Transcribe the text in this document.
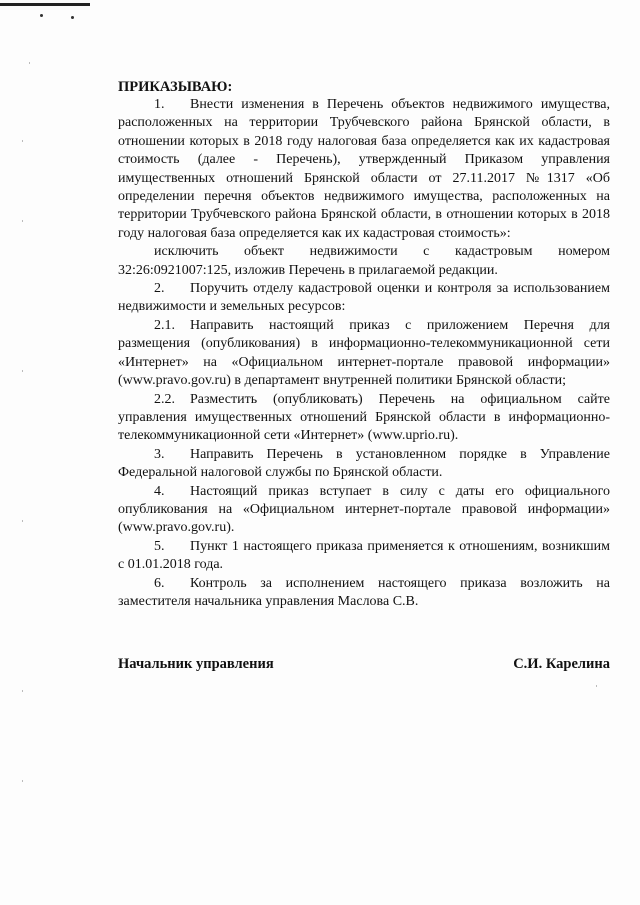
ПРИКАЗЫВАЮ:

1. Внести изменения в Перечень объектов недвижимого имущества, расположенных на территории Трубчевского района Брянской области, в отношении которых в 2018 году налоговая база определяется как их кадастровая стоимость (далее - Перечень), утвержденный Приказом управления имущественных отношений Брянской области от 27.11.2017 №1317 «Об определении перечня объектов недвижимого имущества, расположенных на территории Трубчевского района Брянской области, в отношении которых в 2018 году налоговая база определяется как их кадастровая стоимость»:

исключить объект недвижимости с кадастровым номером 32:26:0921007:125, изложив Перечень в прилагаемой редакции.

2. Поручить отделу кадастровой оценки и контроля за использованием недвижимости и земельных ресурсов:

2.1. Направить настоящий приказ с приложением Перечня для размещения (опубликования) в информационно-телекоммуникационной сети «Интернет» на «Официальном интернет-портале правовой информации» (www.pravo.gov.ru) в департамент внутренней политики Брянской области;

2.2. Разместить (опубликовать) Перечень на официальном сайте управления имущественных отношений Брянской области в информационно-телекоммуникационной сети «Интернет» (www.uprio.ru).

3. Направить Перечень в установленном порядке в Управление Федеральной налоговой службы по Брянской области.

4. Настоящий приказ вступает в силу с даты его официального опубликования на «Официальном интернет-портале правовой информации» (www.pravo.gov.ru).

5. Пункт 1 настоящего приказа применяется к отношениям, возникшим с 01.01.2018 года.

6. Контроль за исполнением настоящего приказа возложить на заместителя начальника управления Маслова С.В.

Начальник управления	С.И. Карелина
